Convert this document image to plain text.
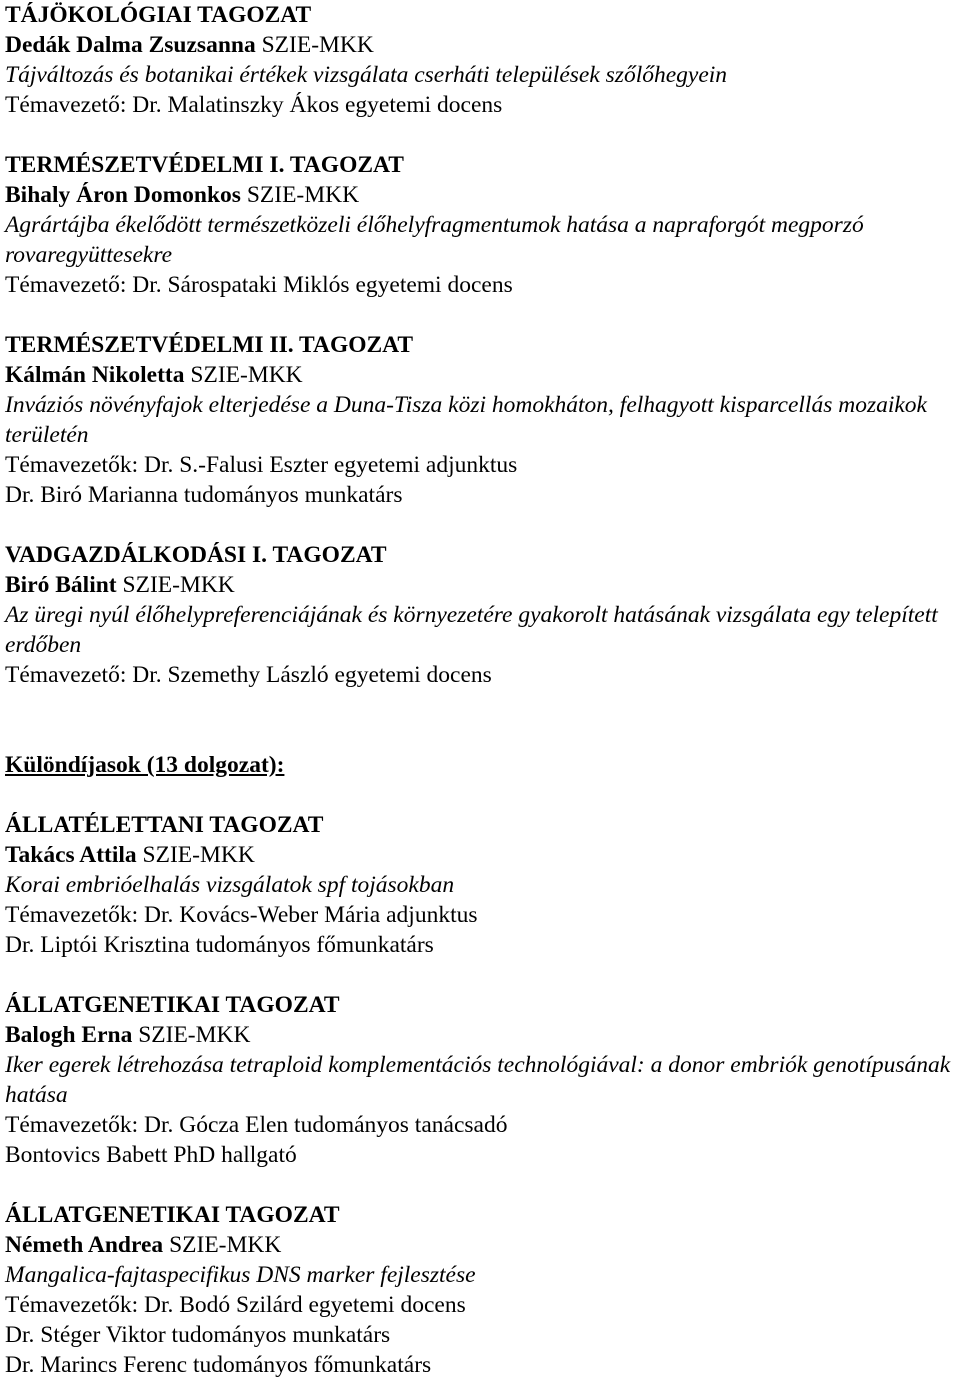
TÁJÖKOLÓGIAI TAGOZAT
Dedák Dalma Zsuzsanna SZIE-MKK
Tájváltozás és botanikai értékek vizsgálata cserháti települések szőlőhegyein
Témavezető: Dr. Malatinszky Ákos egyetemi docens
TERMÉSZETVÉDELMI I. TAGOZAT
Bihaly Áron Domonkos SZIE-MKK
Agrártájba ékelődött természetközeli élőhelyfragmentumok hatása a napraforgót megporzó rovaregyüttesekre
Témavezető: Dr. Sárospataki Miklós egyetemi docens
TERMÉSZETVÉDELMI II. TAGOZAT
Kálmán Nikoletta SZIE-MKK
Inváziós növényfajok elterjedése a Duna-Tisza közi homokháton, felhagyott kisparcellás mozaikok területén
Témavezetők: Dr. S.-Falusi Eszter egyetemi adjunktus
Dr. Biró Marianna tudományos munkatárs
VADGAZDÁLKODÁSI I. TAGOZAT
Biró Bálint SZIE-MKK
Az üregi nyúl élőhelypreferenciájának és környezetére gyakorolt hatásának vizsgálata egy telepített erdőben
Témavezető: Dr. Szemethy László egyetemi docens
Különdíjasok (13 dolgozat):
ÁLLATÉLETTANI TAGOZAT
Takács Attila SZIE-MKK
Korai embrióelhalás vizsgálatok spf tojásokban
Témavezetők: Dr. Kovács-Weber Mária adjunktus
Dr. Liptói Krisztina tudományos főmunkatárs
ÁLLATGENETIKAI TAGOZAT
Balogh Erna SZIE-MKK
Iker egerek létrehozása tetraploid komplementációs technológiával: a donor embriók genotípusának hatása
Témavezetők: Dr. Gócza Elen tudományos tanácsadó
Bontovics Babett PhD hallgató
ÁLLATGENETIKAI TAGOZAT
Németh Andrea SZIE-MKK
Mangalica-fajtaspecifikus DNS marker fejlesztése
Témavezetők: Dr. Bodó Szilárd egyetemi docens
Dr. Stéger Viktor tudományos munkatárs
Dr. Marincs Ferenc tudományos főmunkatárs
